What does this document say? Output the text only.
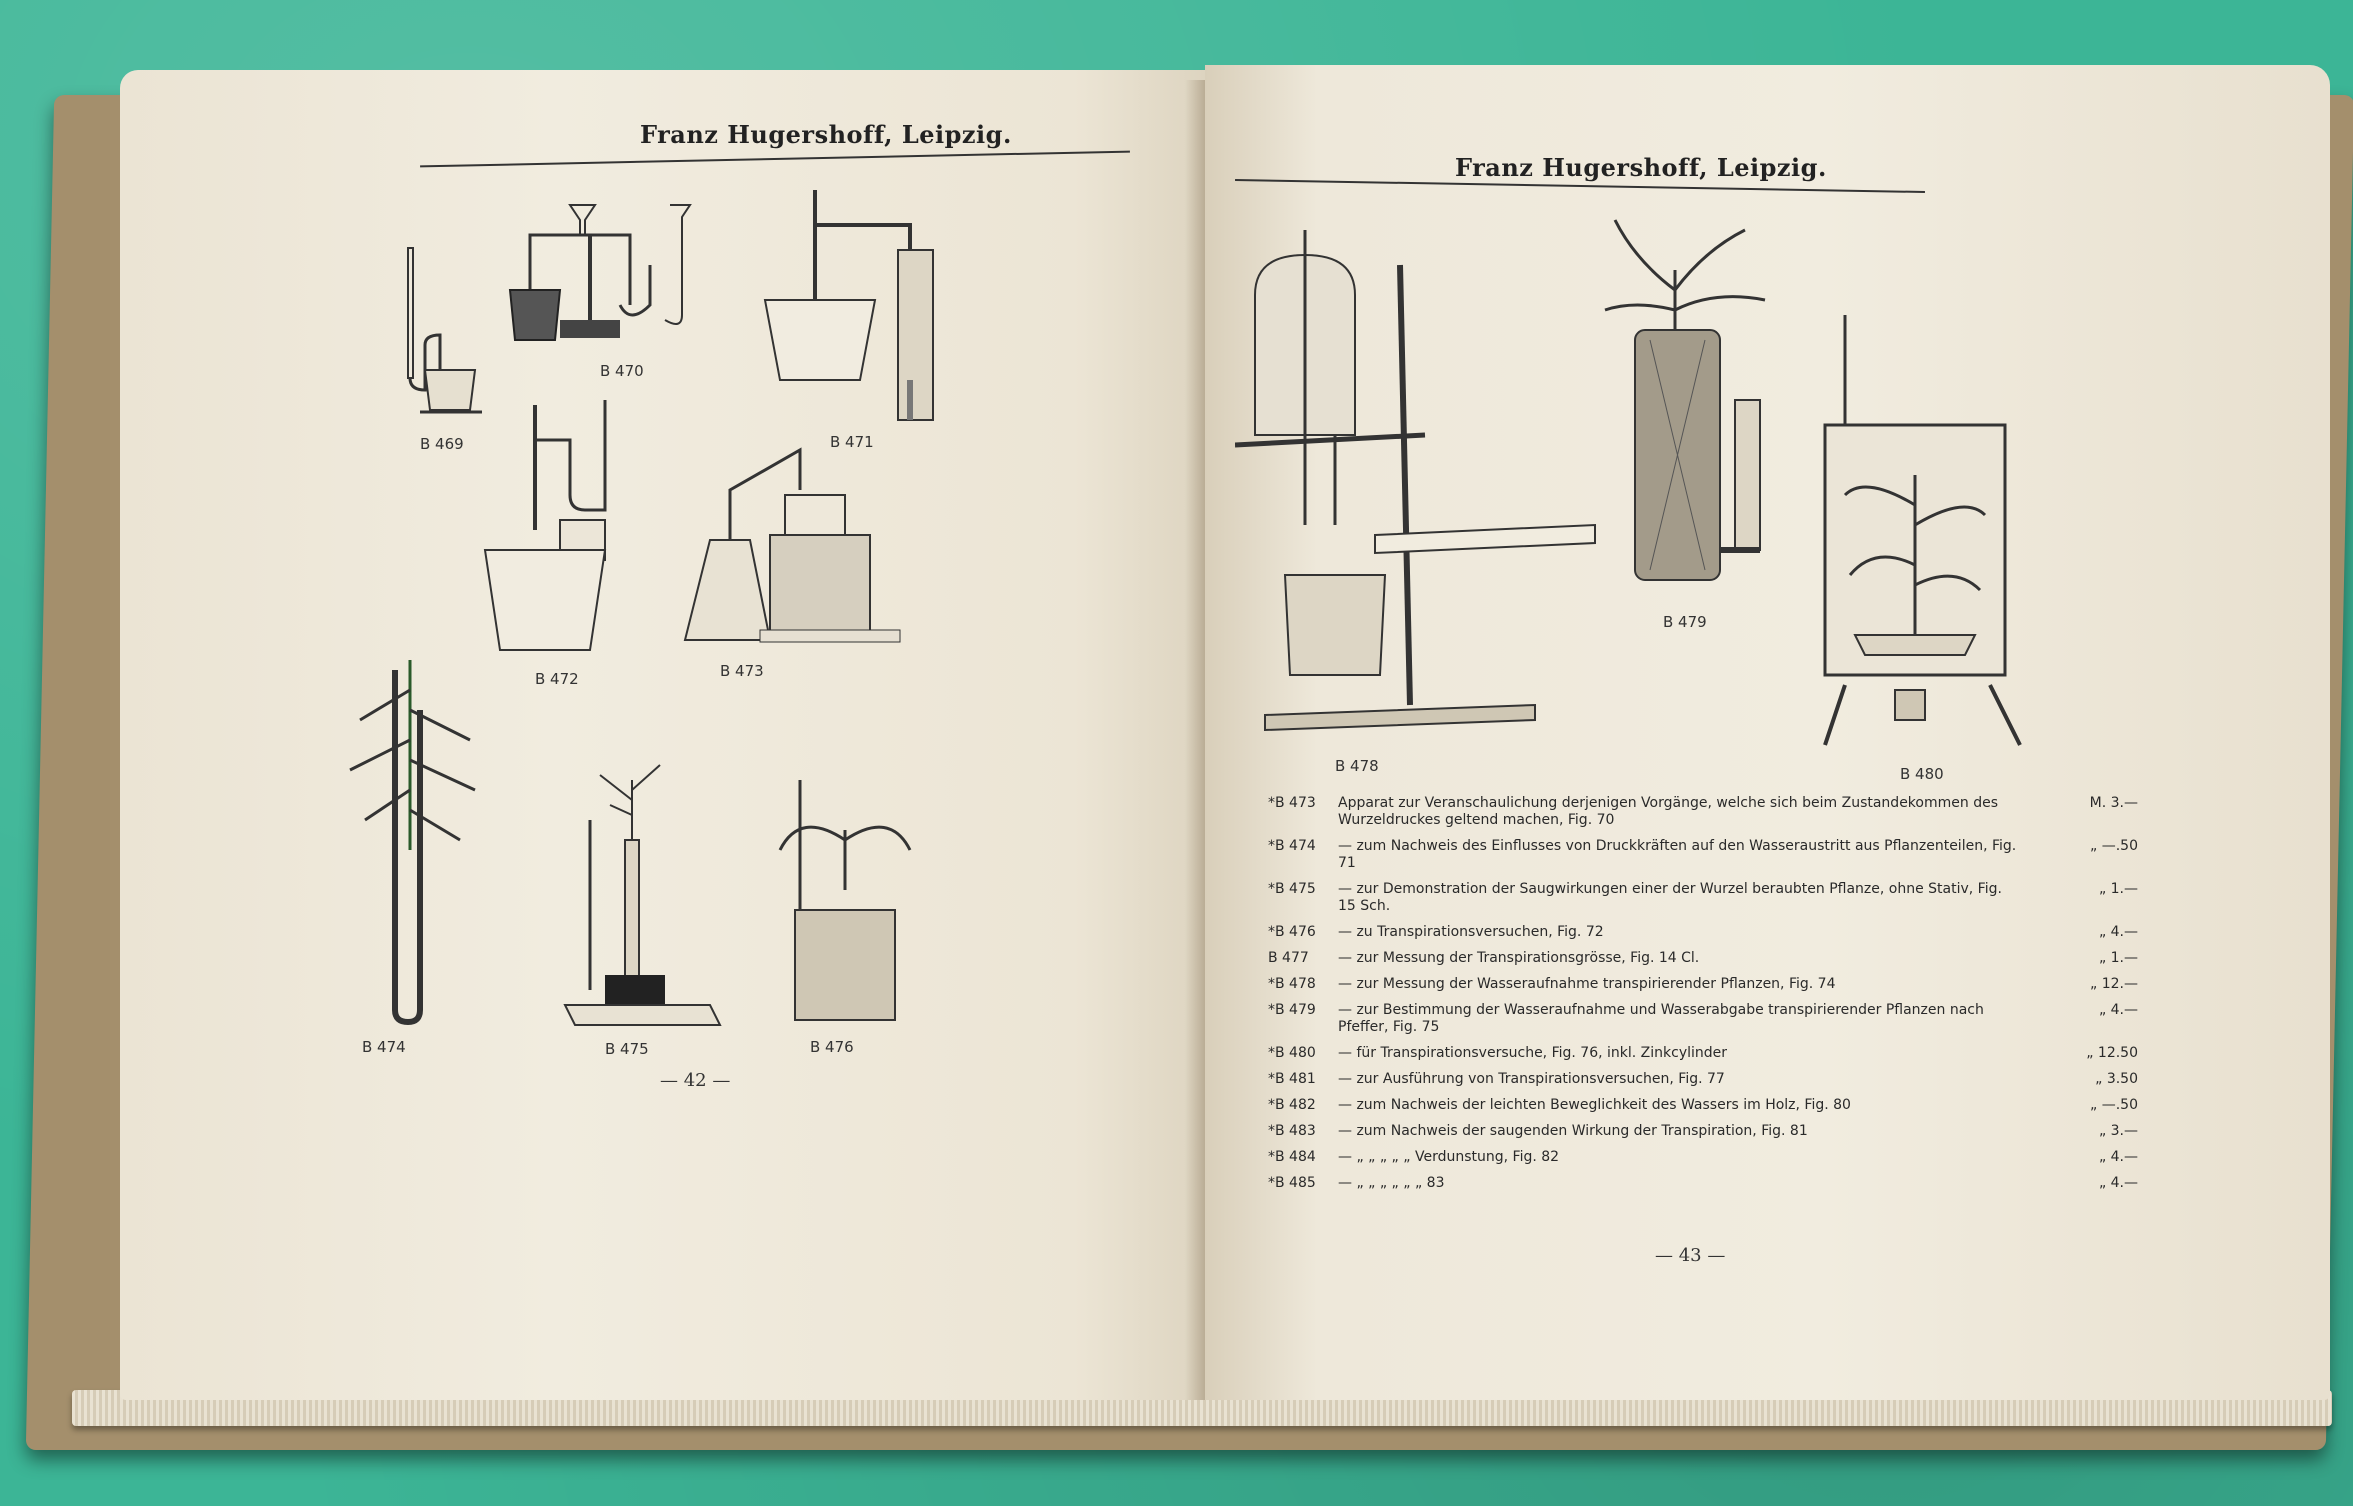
Franz Hugershoff, Leipzig.
B 469
B 470
B 471
B 472	B 473
B 474	B 475	B 476
— 42 —
Franz Hugershoff, Leipzig.
B 478
B 479
B 480
— 43 —
*B 473	Apparat zur Veranschaulichung derjenigen Vorgänge, welche sich beim Zustandekommen des Wurzeldruckes geltend machen, Fig. 70
M. 3.—
*B 474	— zum Nachweis des Einflusses von Druckkräften auf den Wasseraustritt aus Pflanzenteilen, Fig. 71
„ —.50
*B 475	— zur Demonstration der Saugwirkungen einer der Wurzel beraubten Pflanze, ohne Stativ, Fig. 15 Sch.
„ 1.—
*B 476	— zu Transpirationsversuchen, Fig. 72	„ 4.—
B 477	— zur Messung der Transpirationsgrösse, Fig. 14 Cl.	„ 1.—
*B 478	— zur Messung der Wasseraufnahme transpirierender Pflanzen, Fig. 74	„ 12.—
*B 479	— zur Bestimmung der Wasseraufnahme und Wasserabgabe transpirierender Pflanzen nach Pfeffer, Fig. 75
„ 4.—
*B 480	— für Transpirationsversuche, Fig. 76, inkl. Zinkcylinder	„ 12.50
*B 481	— zur Ausführung von Transpirationsversuchen, Fig. 77	„ 3.50
*B 482	— zum Nachweis der leichten Beweglichkeit des Wassers im Holz, Fig. 80	„ —.50
*B 483	— zum Nachweis der saugenden Wirkung der Transpiration, Fig. 81	„ 3.—
*B 484	— „ „ „ „ „ Verdunstung, Fig. 82	„ 4.—
*B 485	— „ „ „ „ „ „ 83	„ 4.—
